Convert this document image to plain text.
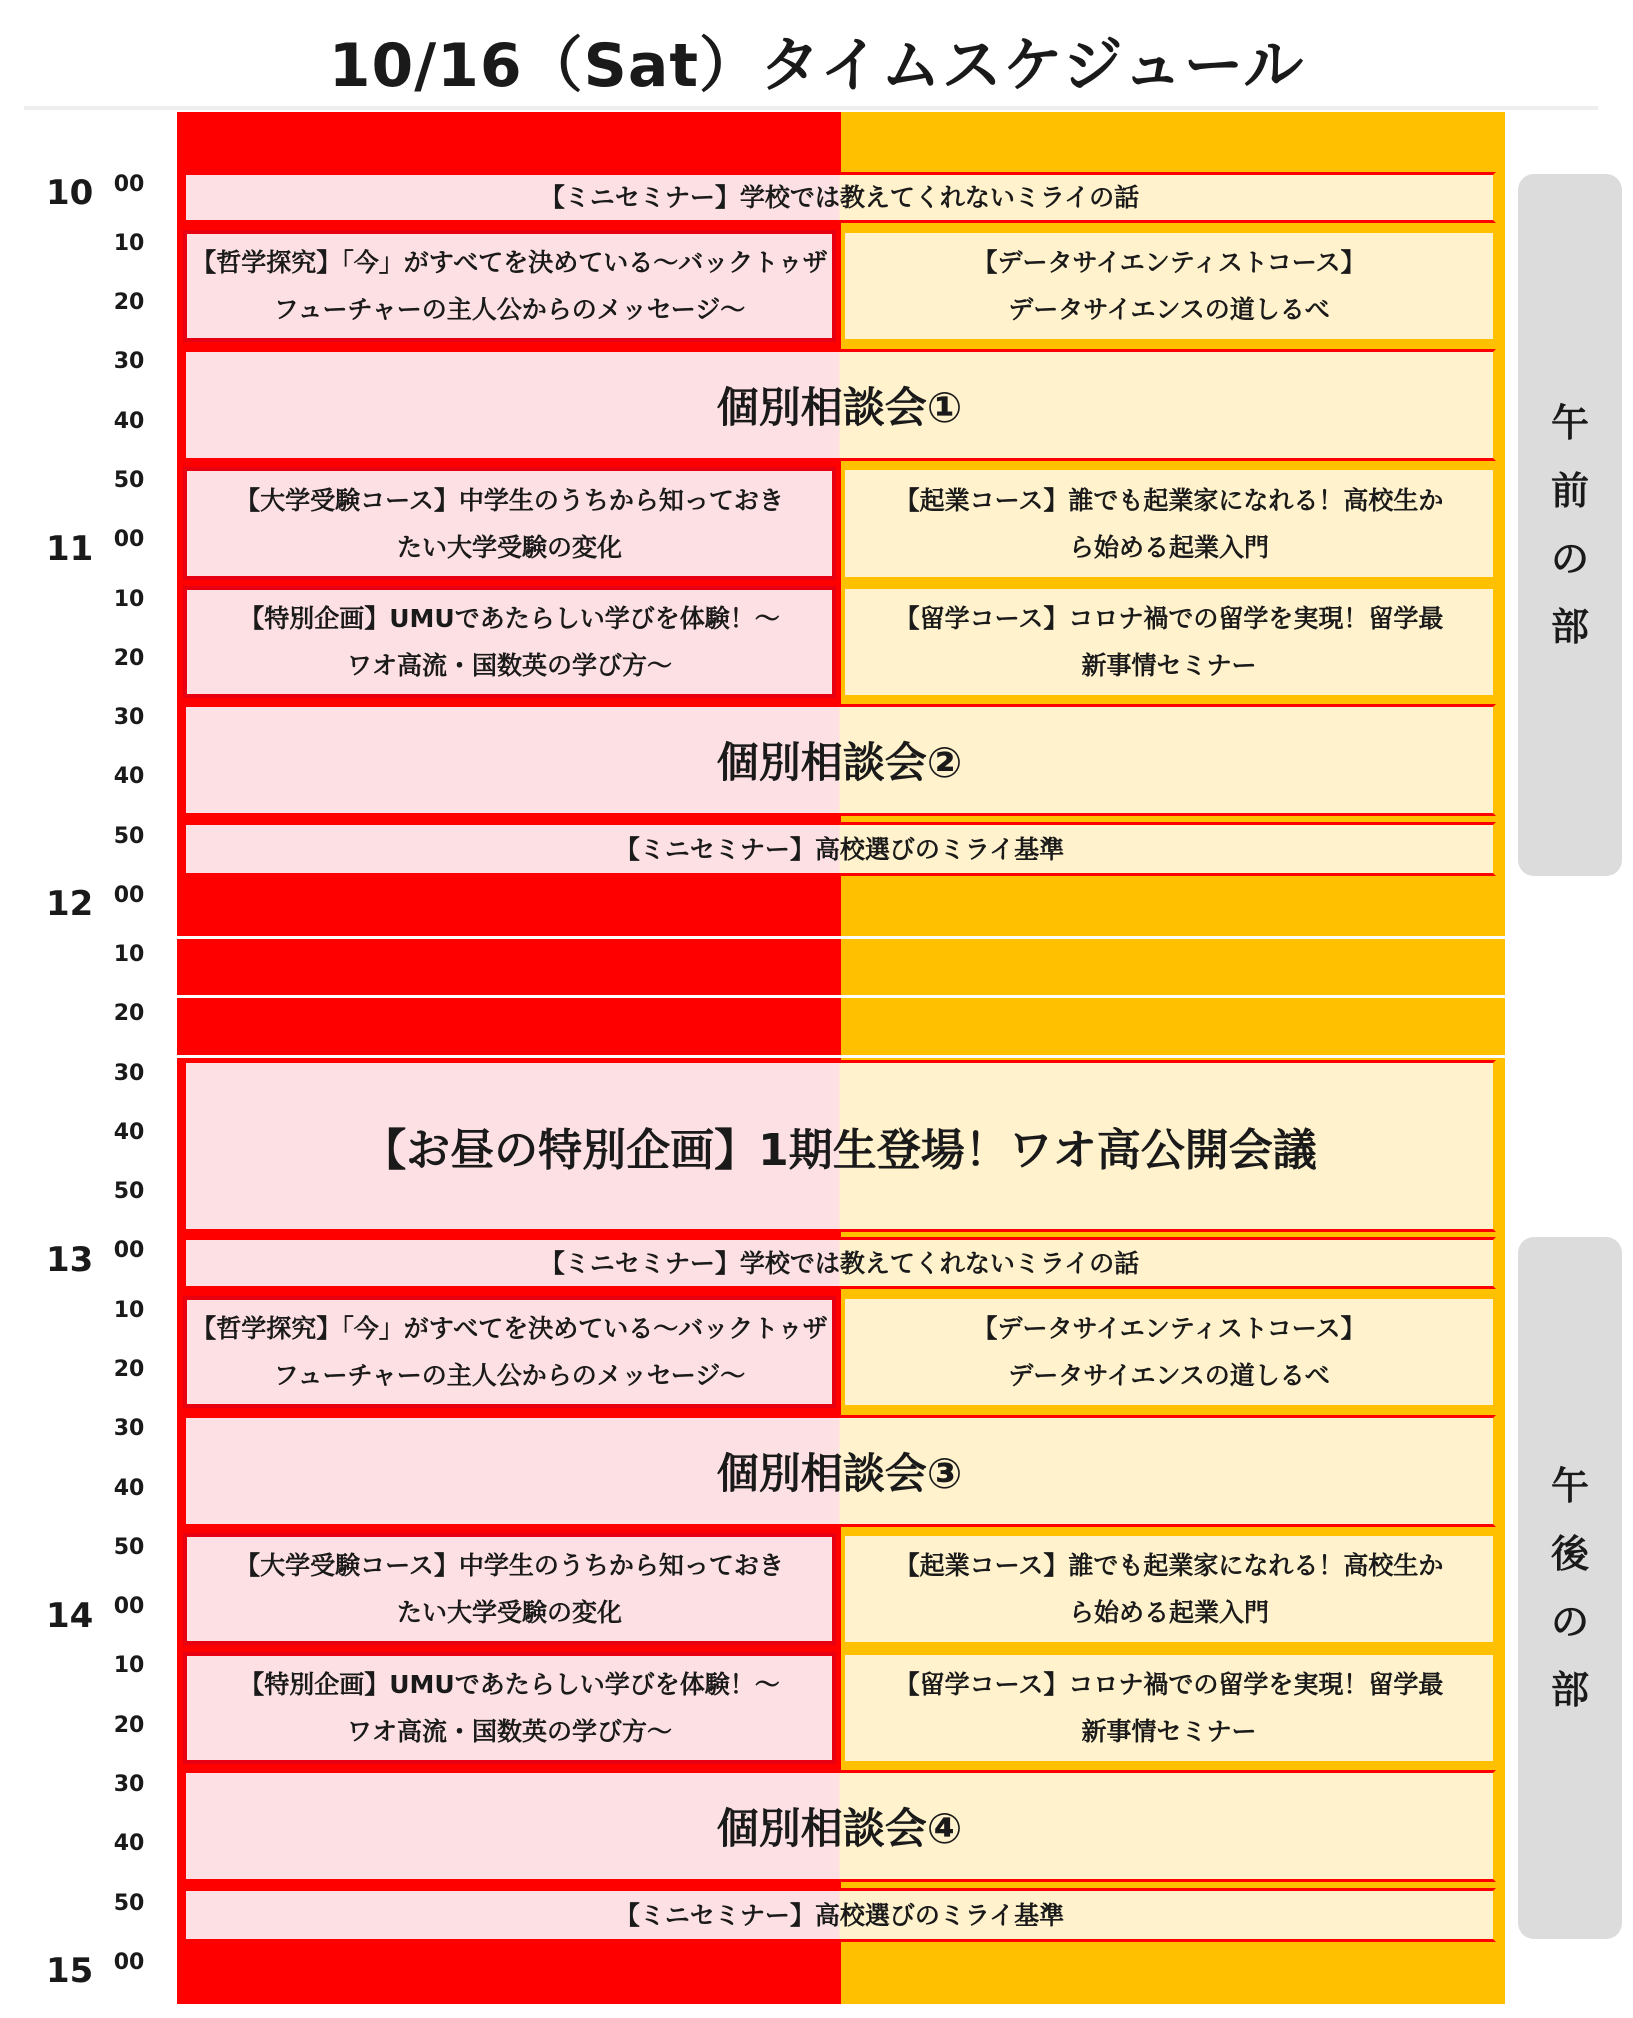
10/16（Sat）タイムスケジュール
10
11
12
13
14
15
00
10
20
30
40
50
00
10
20
30
40
50
00
10
20
30
40
50
00
10
20
30
40
50
00
10
20
30
40
50
00
【ミニセミナー】学校では教えてくれないミライの話
【哲学探究】「今」がすべてを決めている〜バックトゥザ
フューチャーの主人公からのメッセージ〜
【データサイエンティストコース】
データサイエンスの道しるべ
個別相談会①
【大学受験コース】中学生のうちから知っておき
たい大学受験の変化
【起業コース】誰でも起業家になれる！高校生か
ら始める起業入門
【特別企画】UMUであたらしい学びを体験！〜
ワオ高流・国数英の学び方〜
【留学コース】コロナ禍での留学を実現！留学最
新事情セミナー
個別相談会②
【ミニセミナー】高校選びのミライ基準
【お昼の特別企画】1期生登場！ワオ高公開会議
【ミニセミナー】学校では教えてくれないミライの話
【哲学探究】「今」がすべてを決めている〜バックトゥザ
フューチャーの主人公からのメッセージ〜
【データサイエンティストコース】
データサイエンスの道しるべ
個別相談会③
【大学受験コース】中学生のうちから知っておき
たい大学受験の変化
【起業コース】誰でも起業家になれる！高校生か
ら始める起業入門
【特別企画】UMUであたらしい学びを体験！〜
ワオ高流・国数英の学び方〜
【留学コース】コロナ禍での留学を実現！留学最
新事情セミナー
個別相談会④
【ミニセミナー】高校選びのミライ基準
午
前
の
部
午
後
の
部
